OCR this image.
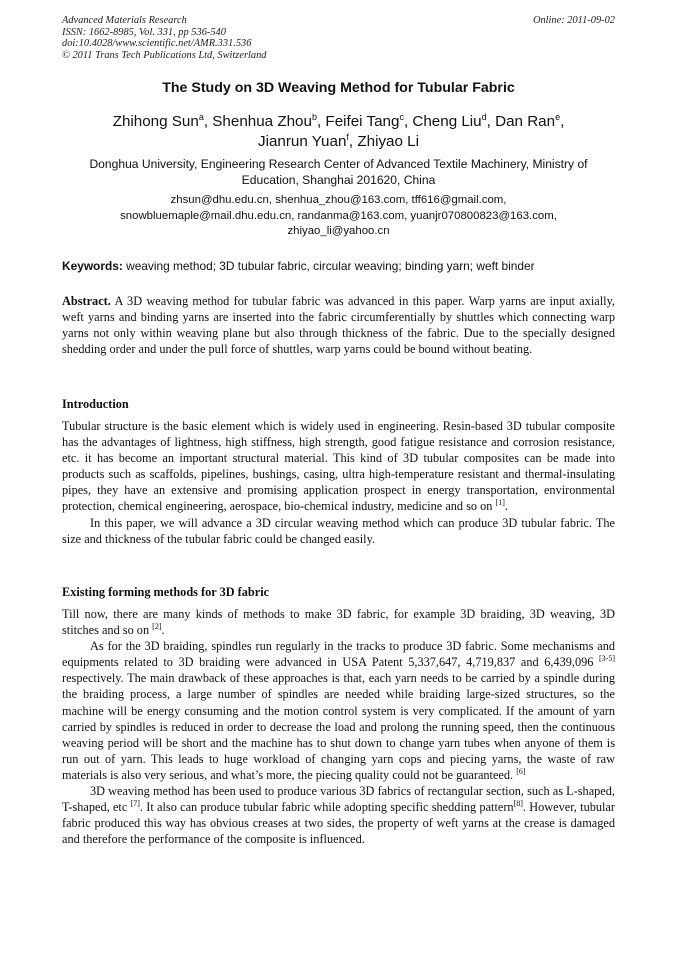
Advanced Materials Research
ISSN: 1662-8985, Vol. 331, pp 536-540
doi:10.4028/www.scientific.net/AMR.331.536
© 2011 Trans Tech Publications Ltd, Switzerland
Online: 2011-09-02
The Study on 3D Weaving Method for Tubular Fabric
Zhihong Sun$^a$, Shenhua Zhou$^b$, Feifei Tang$^c$, Cheng Liu$^d$, Dan Ran$^e$,
Jianrun Yuan$^f$, Zhiyao Li
Donghua University, Engineering Research Center of Advanced Textile Machinery, Ministry of Education, Shanghai 201620, China
zhsun@dhu.edu.cn, shenhua_zhou@163.com, tff616@gmail.com,
snowbluemaple@mail.dhu.edu.cn, randanma@163.com, yuanjr070800823@163.com,
zhiyao_li@yahoo.cn
Keywords: weaving method; 3D tubular fabric, circular weaving; binding yarn; weft binder

Abstract. A 3D weaving method for tubular fabric was advanced in this paper. Warp yarns are input axially, weft yarns and binding yarns are inserted into the fabric circumferentially by shuttles which connecting warp yarns not only within weaving plane but also through thickness of the fabric. Due to the specially designed shedding order and under the pull force of shuttles, warp yarns could be bound without beating.

Introduction

Tubular structure is the basic element which is widely used in engineering. Resin-based 3D tubular composite has the advantages of lightness, high stiffness, high strength, good fatigue resistance and corrosion resistance, etc. it has become an important structural material. This kind of 3D tubular composites can be made into products such as scaffolds, pipelines, bushings, casing, ultra high-temperature resistant and thermal-insulating pipes, they have an extensive and promising application prospect in energy transportation, environmental protection, chemical engineering, aerospace, bio-chemical industry, medicine and so on [1].

In this paper, we will advance a 3D circular weaving method which can produce 3D tubular fabric. The size and thickness of the tubular fabric could be changed easily.

Existing forming methods for 3D fabric

Till now, there are many kinds of methods to make 3D fabric, for example 3D braiding, 3D weaving, 3D stitches and so on [2].

As for the 3D braiding, spindles run regularly in the tracks to produce 3D fabric. Some mechanisms and equipments related to 3D braiding were advanced in USA Patent 5,337,647, 4,719,837 and 6,439,096 [3-5] respectively. The main drawback of these approaches is that, each yarn needs to be carried by a spindle during the braiding process, a large number of spindles are needed while braiding large-sized structures, so the machine will be energy consuming and the motion control system is very complicated. If the amount of yarn carried by spindles is reduced in order to decrease the load and prolong the running speed, then the continuous weaving period will be short and the machine has to shut down to change yarn tubes when anyone of them is run out of yarn. This leads to huge workload of changing yarn cops and piecing yarns, the waste of raw materials is also very serious, and what’s more, the piecing quality could not be guaranteed. [6]

3D weaving method has been used to produce various 3D fabrics of rectangular section, such as L-shaped, T-shaped, etc [7]. It also can produce tubular fabric while adopting specific shedding pattern[8]. However, tubular fabric produced this way has obvious creases at two sides, the property of weft yarns at the crease is damaged and therefore the performance of the composite is influenced.
